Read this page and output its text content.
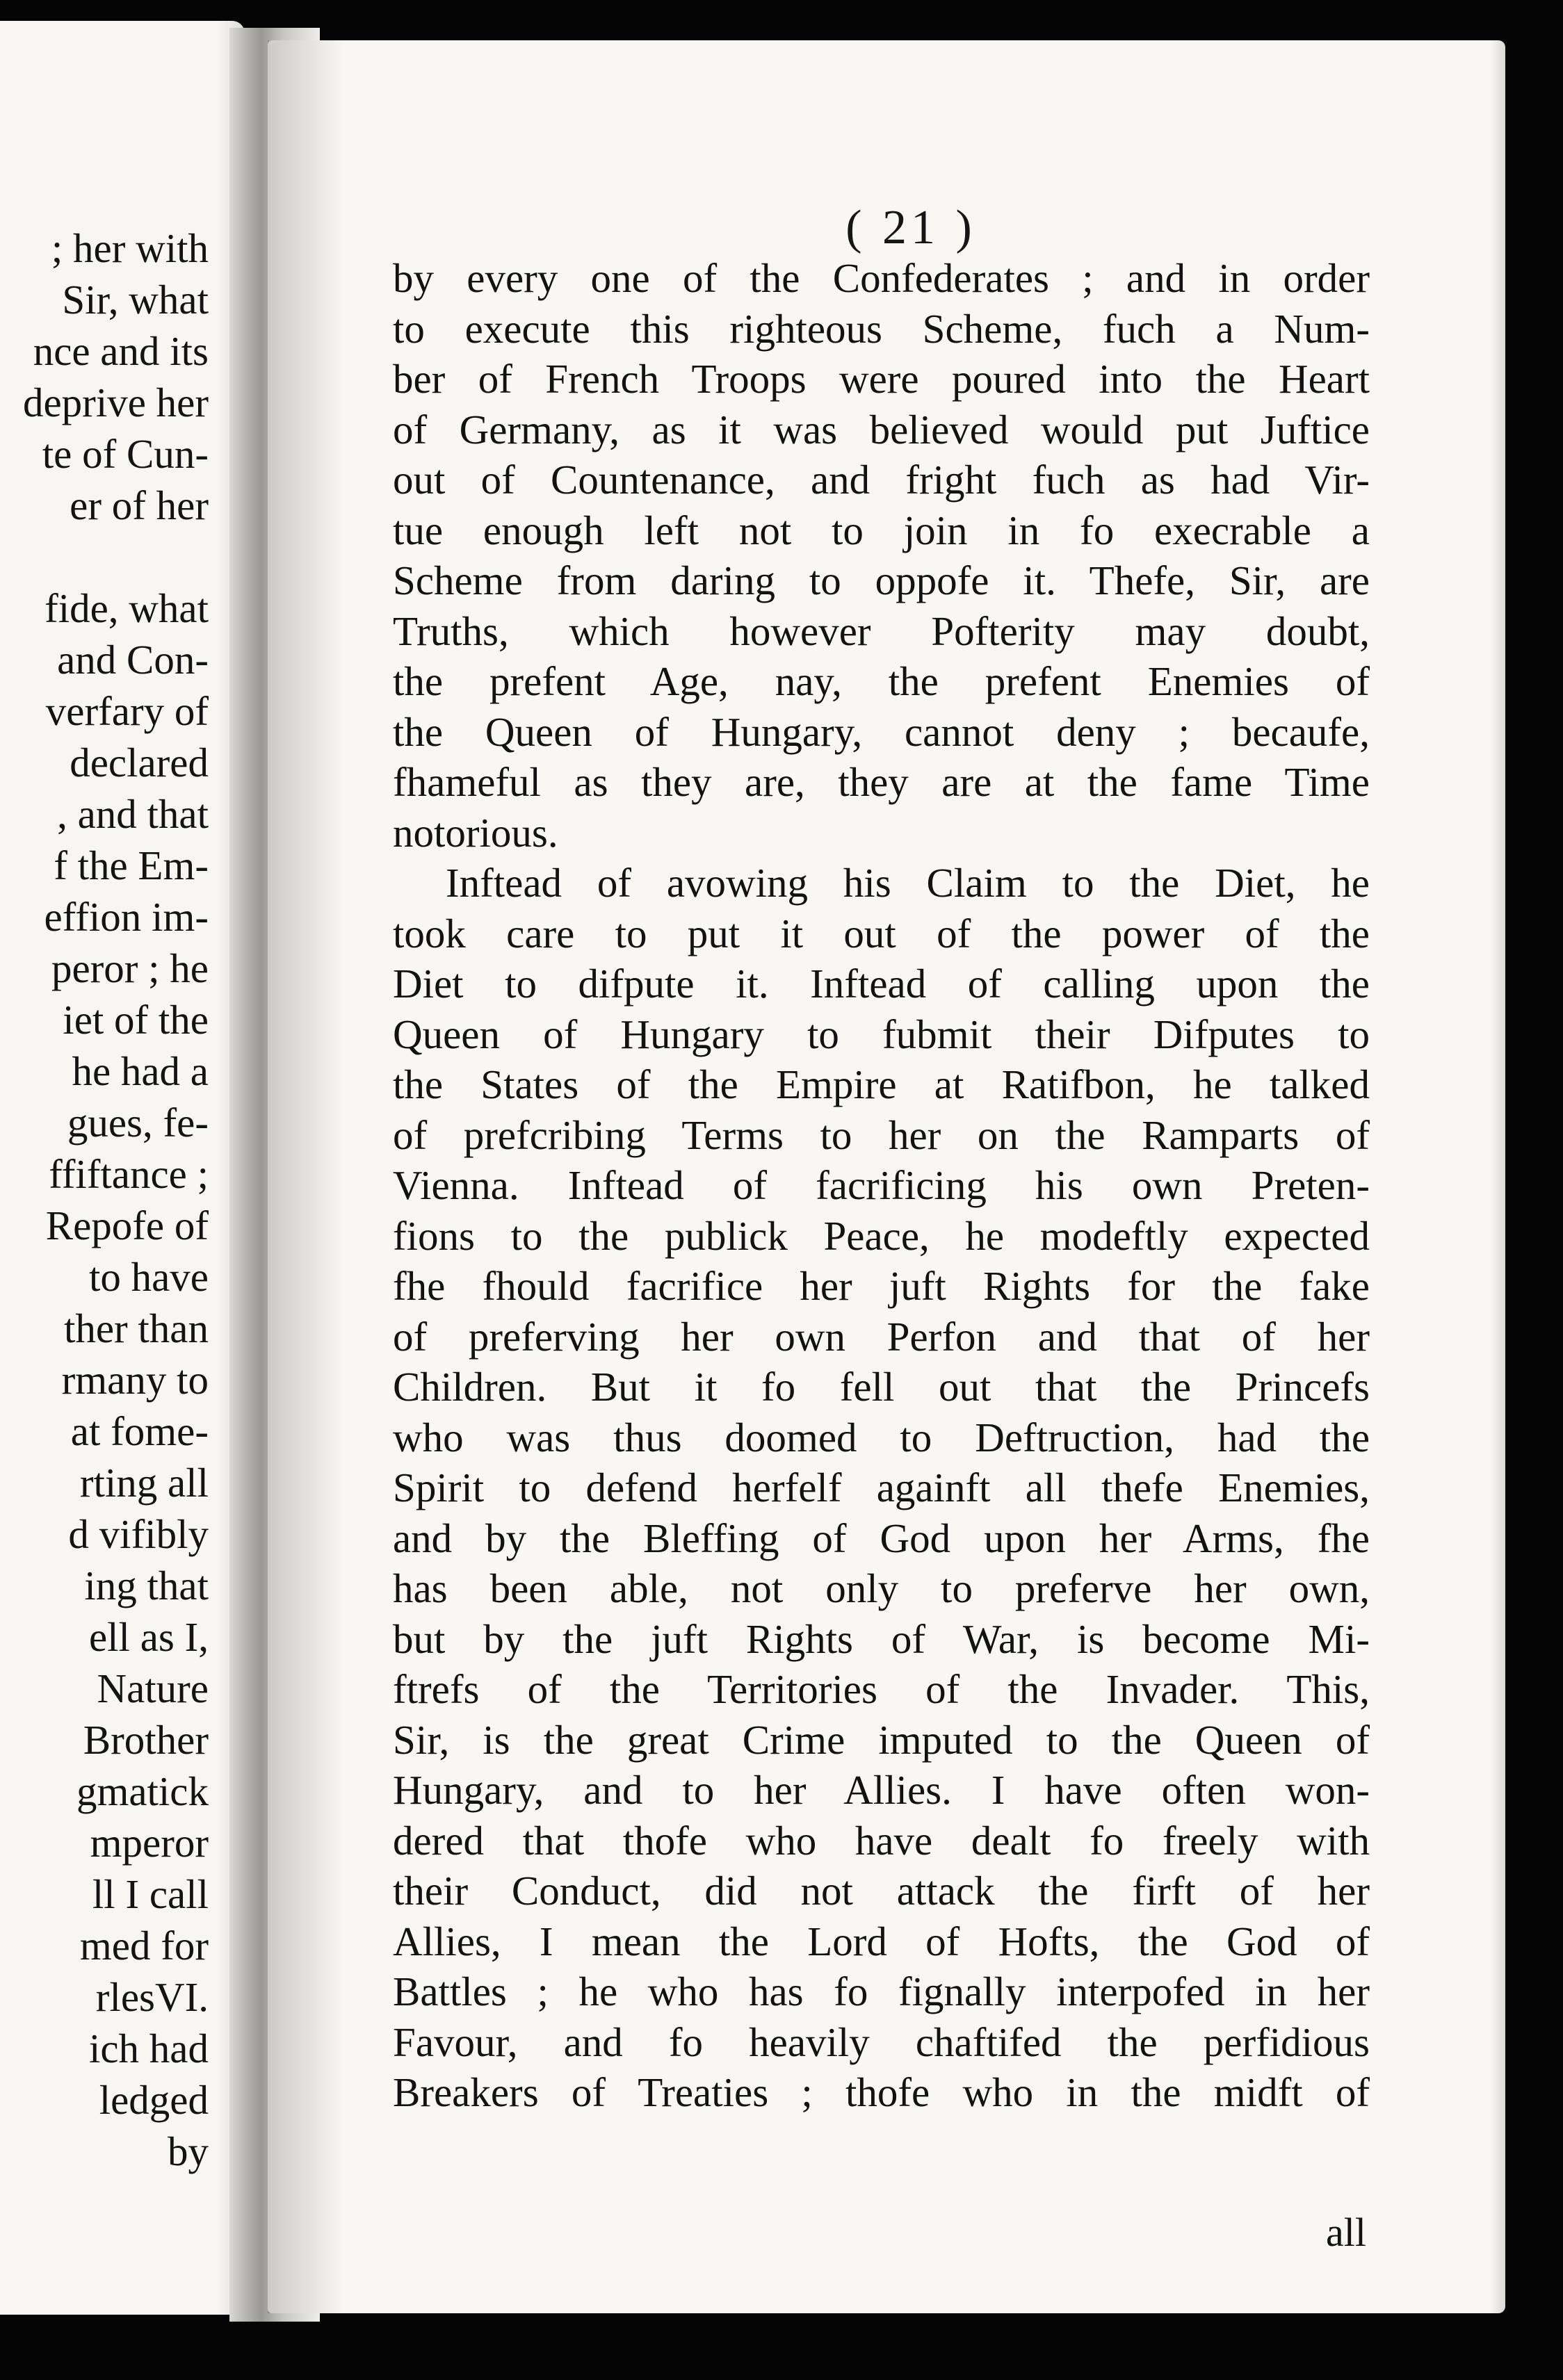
; her with
Sir, what
nce and its
deprive her
te of Cun-
er of her
fide, what
and Con-
verfary of
declared
, and that
f the Em-
effion im-
peror ; he
iet of the
he had a
gues, fe-
ffiftance ;
Repofe of
to have
ther than
rmany to
at fome-
rting all
d vifibly
ing that
ell as I,
Nature
Brother
gmatick
mperor
ll I call
med for
rlesVI.
ich had
ledged
by
( 21 )
by every one of the Confederates ; and in order
to execute this righteous Scheme, fuch a Num-
ber of French Troops were poured into the Heart
of Germany, as it was believed would put Juftice
out of Countenance, and fright fuch as had Vir-
tue enough left not to join in fo execrable a
Scheme from daring to oppofe it. Thefe, Sir, are
Truths, which however Pofterity may doubt,
the prefent Age, nay, the prefent Enemies of
the Queen of Hungary, cannot deny ; becaufe,
fhameful as they are, they are at the fame Time
notorious.
Inftead of avowing his Claim to the Diet, he
took care to put it out of the power of the
Diet to difpute it. Inftead of calling upon the
Queen of Hungary to fubmit their Difputes to
the States of the Empire at Ratifbon, he talked
of prefcribing Terms to her on the Ramparts of
Vienna. Inftead of facrificing his own Preten-
fions to the publick Peace, he modeftly expected
fhe fhould facrifice her juft Rights for the fake
of preferving her own Perfon and that of her
Children. But it fo fell out that the Princefs
who was thus doomed to Deftruction, had the
Spirit to defend herfelf againft all thefe Enemies,
and by the Bleffing of God upon her Arms, fhe
has been able, not only to preferve her own,
but by the juft Rights of War, is become Mi-
ftrefs of the Territories of the Invader. This,
Sir, is the great Crime imputed to the Queen of
Hungary, and to her Allies. I have often won-
dered that thofe who have dealt fo freely with
their Conduct, did not attack the firft of her
Allies, I mean the Lord of Hofts, the God of
Battles ; he who has fo fignally interpofed in her
Favour, and fo heavily chaftifed the perfidious
Breakers of Treaties ; thofe who in the midft of
all
